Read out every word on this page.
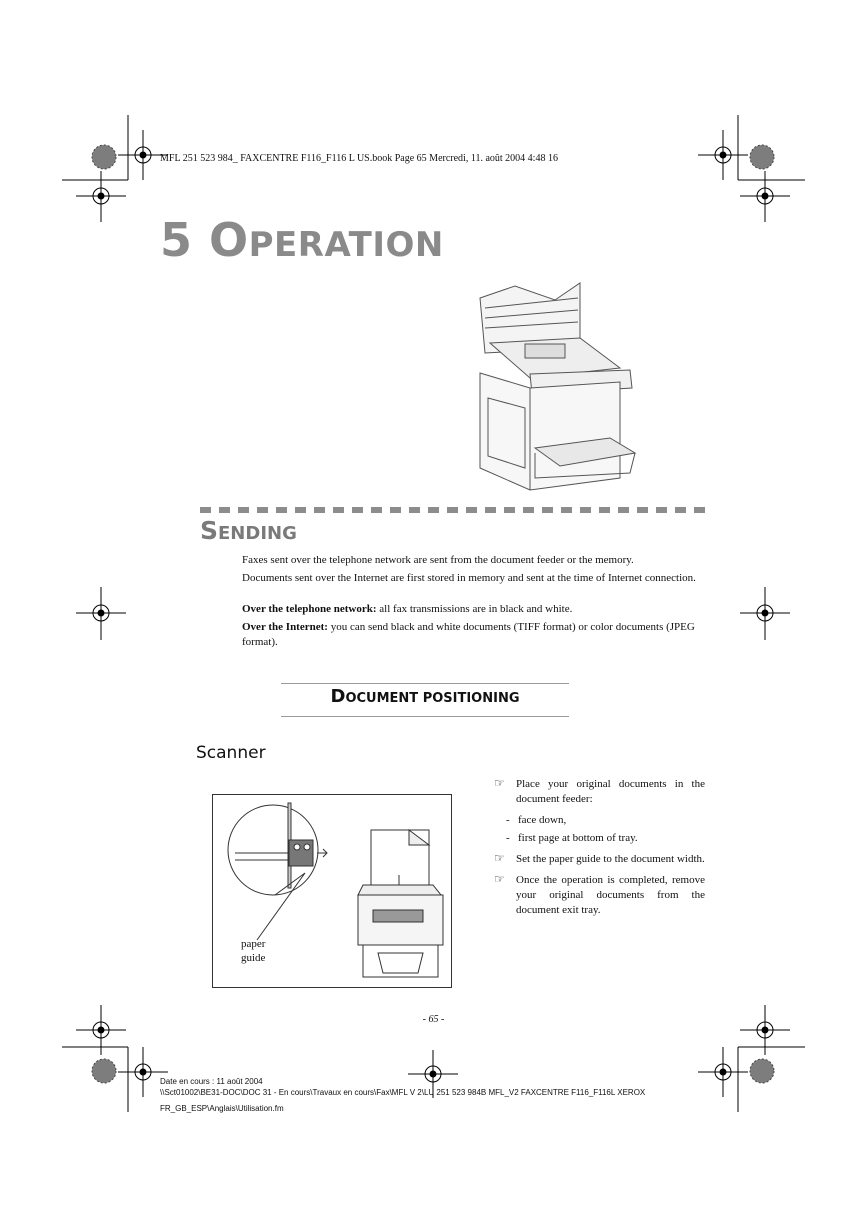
MFL 251 523 984_ FAXCENTRE F116_F116 L US.book Page 65 Mercredi, 11. août 2004 4:48 16
5 OPERATION
SENDING
Faxes sent over the telephone network are sent from the document feeder or the memory.
Documents sent over the Internet are first stored in memory and sent at the time of Internet connection.
Over the telephone network: all fax transmissions are in black and white.
Over the Internet: you can send black and white documents (TIFF format) or color documents (JPEG format).
DOCUMENT POSITIONING
Scanner
paper
guide
☞ Place your original documents in the document feeder:
- face down,
- first page at bottom of tray.
☞ Set the paper guide to the document width.
☞ Once the operation is completed, remove your original documents from the document exit tray.
- 65 -
Date en cours : 11 août 2004
\\Sct01002\BE31-DOC\DOC 31 - En cours\Travaux en cours\Fax\MFL V 2\LU 251 523 984B MFL_V2 FAXCENTRE F116_F116L XEROX
FR_GB_ESP\Anglais\Utilisation.fm
